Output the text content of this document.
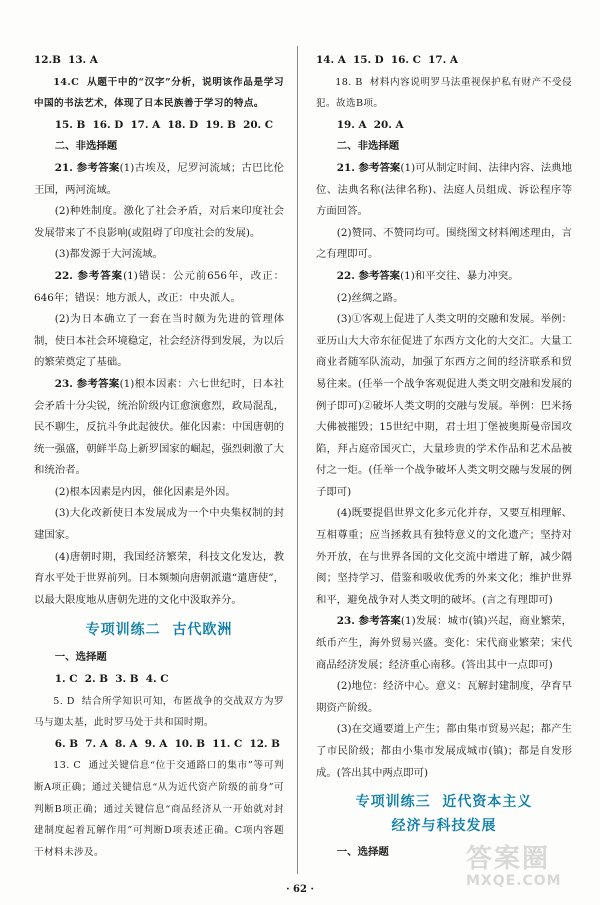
12.B  13. A

14.C  从题干中的“汉字”分析，说明该作品是学习中国的书法艺术，体现了日本民族善于学习的特点。

15. B  16. D  17. A  18. D  19. B  20. C

二、非选择题

21. 参考答案(1)古埃及，尼罗河流域；古巴比伦王国，两河流域。

(2)种姓制度。激化了社会矛盾，对后来印度社会发展带来了不良影响(或阻碍了印度社会的发展)。

(3)都发源于大河流域。

22. 参考答案(1)错误：公元前656年，改正：646年；错误：地方派人，改正：中央派人。

(2)为日本确立了一套在当时颇为先进的管理体制，使日本社会环境稳定，社会经济得到发展，为以后的繁荣奠定了基础。

23. 参考答案(1)根本因素：六七世纪时，日本社会矛盾十分尖锐，统治阶级内讧愈演愈烈，政局混乱，民不聊生，反抗斗争此起彼伏。催化因素：中国唐朝的统一强盛，朝鲜半岛上新罗国家的崛起，强烈刺激了大和统治者。

(2)根本因素是内因，催化因素是外因。

(3)大化改新使日本发展成为一个中央集权制的封建国家。

(4)唐朝时期，我国经济繁荣，科技文化发达，教育水平处于世界前列。日本频频向唐朝派遣“遣唐使”，以最大限度地从唐朝先进的文化中汲取养分。

专项训练二  古代欧洲

一、选择题

1. C  2. B  3. B  4. C

5. D  结合所学知识可知，布匿战争的交战双方为罗马与迦太基，此时罗马处于共和国时期。

6. B  7. A  8. A  9. A  10. B  11. C  12. B

13. C  通过关键信息“位于交通路口的集市”等可判断A项正确；通过关键信息“从为近代资产阶级的前身”可判断B项正确；通过关键信息“商品经济从一开始就对封建制度起着瓦解作用”可判断D项表述正确。C项内容题干材料未涉及。

14. A  15. D  16. C  17. A

18. B  材料内容说明罗马法重视保护私有财产不受侵犯。故选B项。

19. A  20. A

二、非选择题

21. 参考答案(1)可从制定时间、法律内容、法典地位、法典名称(法律名称)、法庭人员组成、诉讼程序等方面回答。

(2)赞同、不赞同均可。围绕图文材料阐述理由，言之有理即可。

22. 参考答案(1)和平交往、暴力冲突。

(2)丝绸之路。

(3)①客观上促进了人类文明的交融和发展。举例：亚历山大大帝东征促进了东西方文化的大交汇。大量工商业者随军队流动，加强了东西方之间的经济联系和贸易往来。(任举一个战争客观促进人类文明交融和发展的例子即可)②破坏人类文明的交融与发展。举例：巴米扬大佛被摧毁；15世纪中期，君士坦丁堡被奥斯曼帝国攻陷，拜占庭帝国灭亡，大量珍贵的学术作品和艺术品被付之一炬。(任举一个战争破坏人类文明交融与发展的例子即可)

(4)既要提倡世界文化多元化并存，又要互相理解、互相尊重；应当拯救具有独特意义的文化遗产；坚持对外开放，在与世界各国的文化交流中增进了解，减少隔阂；坚持学习、借鉴和吸收优秀的外来文化；维护世界和平，避免战争对人类文明的破坏。(言之有理即可)

23. 参考答案(1)发展：城市(镇)兴起，商业繁荣，纸币产生，海外贸易兴盛。变化：宋代商业繁荣；宋代商品经济发展；经济重心南移。(答出其中一点即可)

(2)地位：经济中心。意义：瓦解封建制度，孕育早期资产阶级。

(3)在交通要道上产生；都由集市贸易兴起；都产生了市民阶级；都由小集市发展成城市(镇)；都是自发形成。(答出其中两点即可)

专项训练三  近代资本主义
经济与科技发展

一、选择题

· 62 ·
答案圈
MXQE.COM
